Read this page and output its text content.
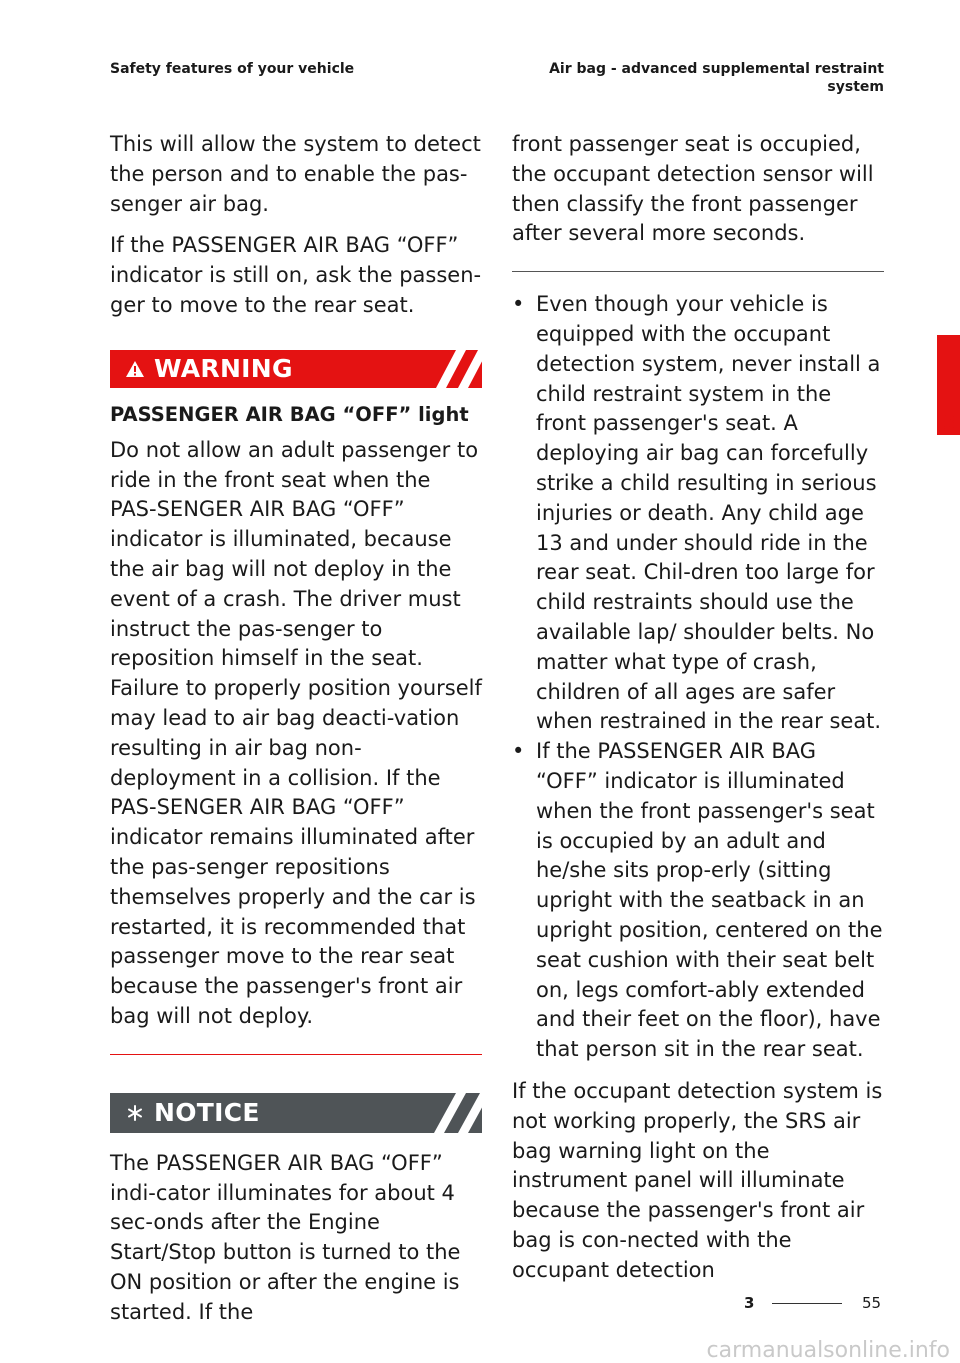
Safety features of your vehicle	Air bag - advanced supplemental restraint
system

This will allow the system to detect the person and to enable the pas-senger air bag.

If the PASSENGER AIR BAG “OFF” indicator is still on, ask the passen-ger to move to the rear seat.

WARNING
PASSENGER AIR BAG “OFF” light

Do not allow an adult passenger to ride in the front seat when the PAS-SENGER AIR BAG “OFF” indicator is illuminated, because the air bag will not deploy in the event of a crash. The driver must instruct the pas-senger to reposition himself in the seat. Failure to properly position yourself may lead to air bag deacti-vation resulting in air bag non-deployment in a collision. If the PAS-SENGER AIR BAG “OFF” indicator remains illuminated after the pas-senger repositions themselves properly and the car is restarted, it is recommended that passenger move to the rear seat because the passenger's front air bag will not deploy.

NOTICE

The PASSENGER AIR BAG “OFF” indi-cator illuminates for about 4 sec-onds after the Engine Start/Stop button is turned to the ON position or after the engine is started. If the

front passenger seat is occupied, the occupant detection sensor will then classify the front passenger after several more seconds.

• Even though your vehicle is equipped with the occupant detection system, never install a child restraint system in the front passenger's seat. A deploying air bag can forcefully strike a child resulting in serious injuries or death. Any child age 13 and under should ride in the rear seat. Chil-dren too large for child restraints should use the available lap/ shoulder belts. No matter what type of crash, children of all ages are safer when restrained in the rear seat.
• If the PASSENGER AIR BAG “OFF” indicator is illuminated when the front passenger's seat is occupied by an adult and he/she sits prop-erly (sitting upright with the seatback in an upright position, centered on the seat cushion with their seat belt on, legs comfort-ably extended and their feet on the floor), have that person sit in the rear seat.

If the occupant detection system is not working properly, the SRS air bag warning light on the instrument panel will illuminate because the passenger's front air bag is con-nected with the occupant detection

3
3	55
carmanualsonline.info
